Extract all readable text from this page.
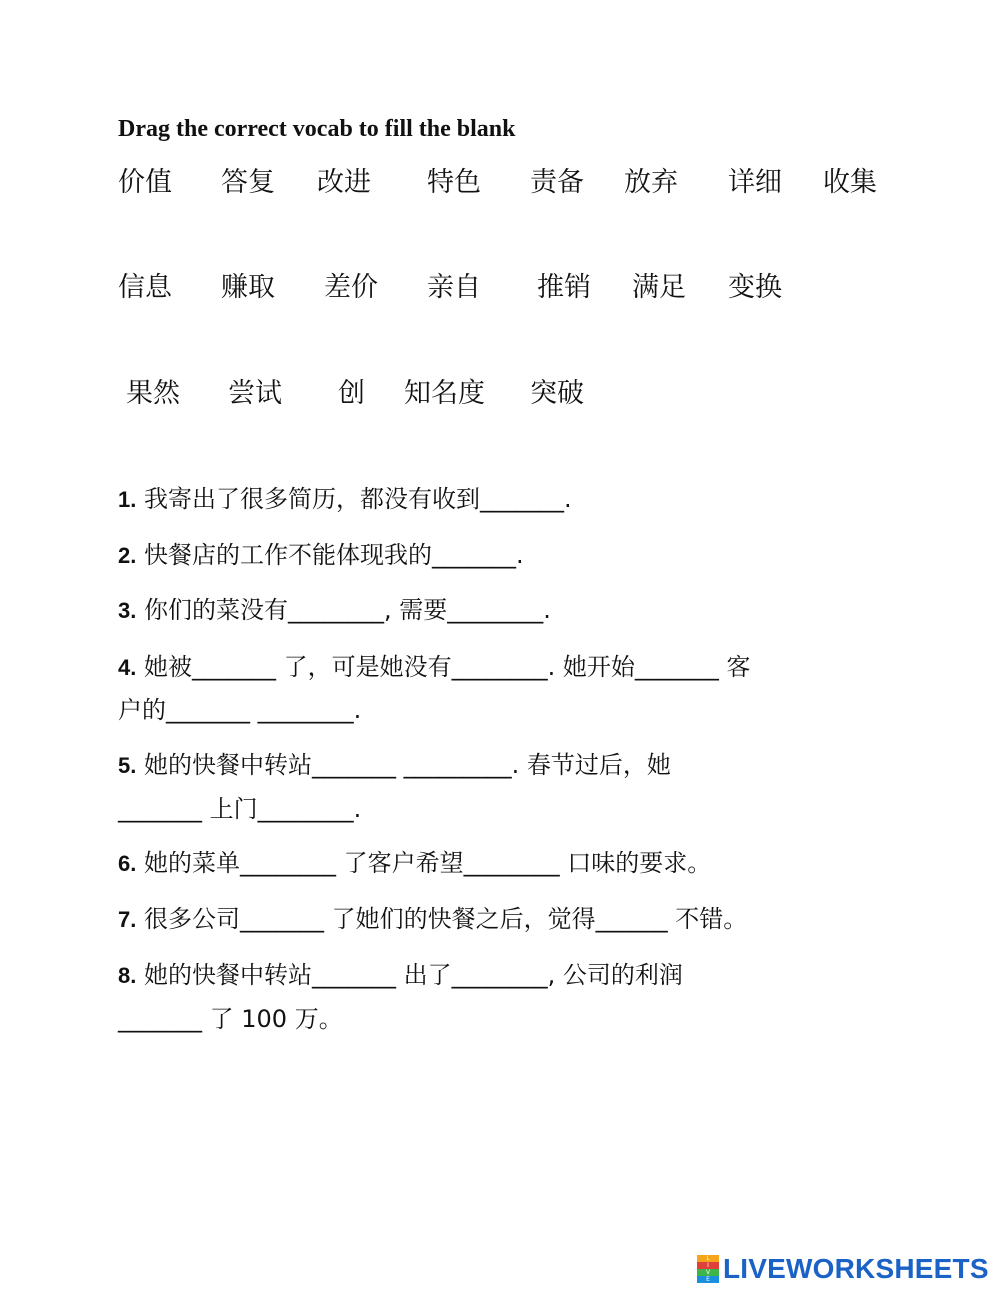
Drag the correct vocab to fill the blank
价值 答复 改进 特色 责备 放弃 详细 收集
信息 赚取 差价 亲自 推销 满足 变换
果然 尝试 创 知名度 突破
1. 我寄出了很多简历，都没有收到_______.
2. 快餐店的工作不能体现我的_______.
3. 你们的菜没有________, 需要________.
4. 她被_______ 了，可是她没有________. 她开始_______ 客
户的_______ ________.
5. 她的快餐中转站_______ _________. 春节过后，她
_______ 上门________.
6. 她的菜单________ 了客户希望________ 口味的要求。
7. 很多公司_______ 了她们的快餐之后，觉得______ 不错。
8. 她的快餐中转站_______ 出了________, 公司的利润
_______ 了 100 万。
L
I
V
E LIVEWORKSHEETS
